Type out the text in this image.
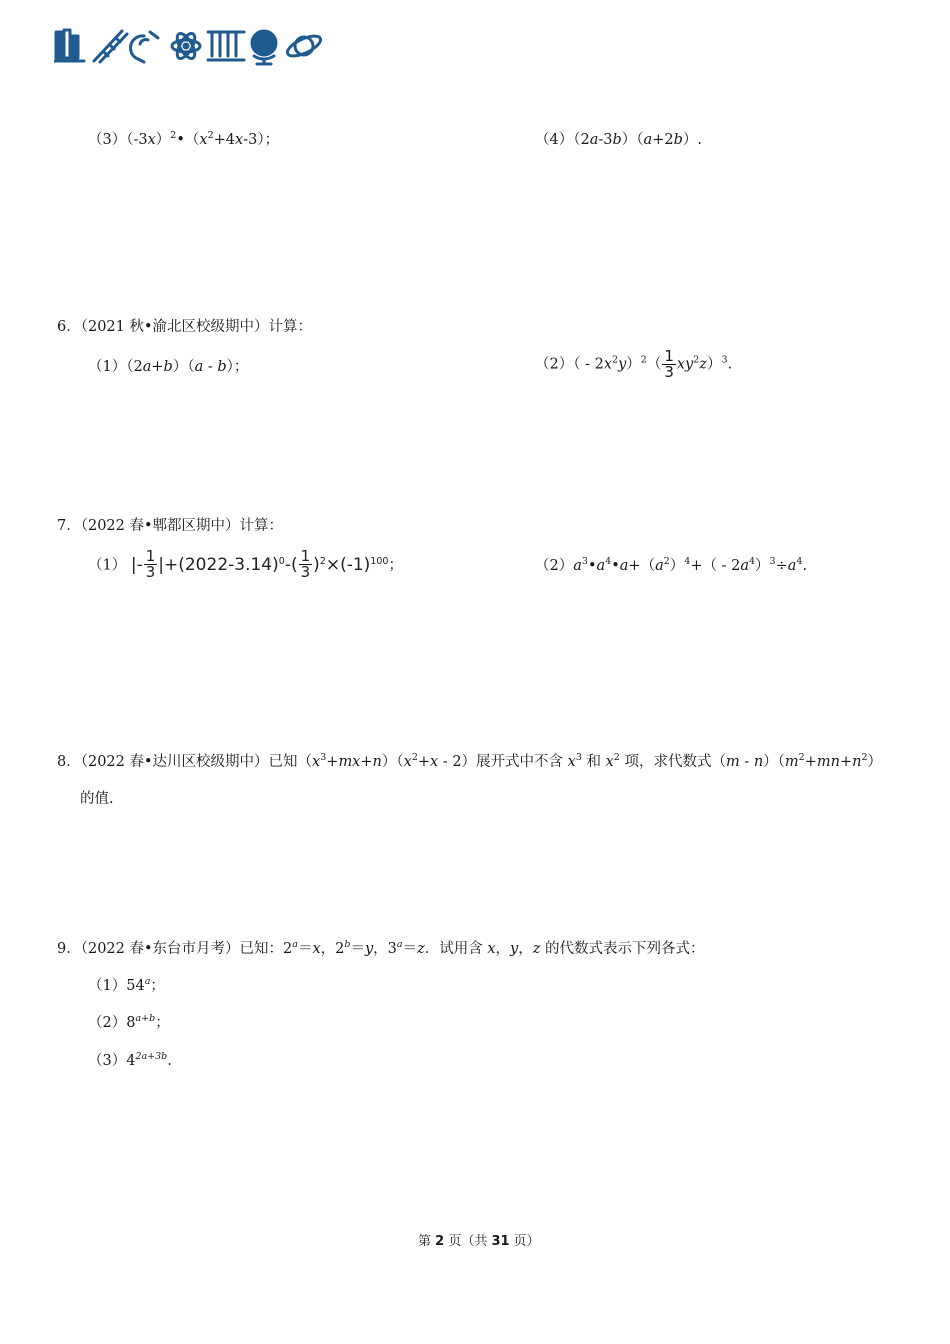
$(3)(-3x)^2•(x^2+4x-3)$；	（4）（2a-3b）（a+2b）.
6．（2021 秋•渝北区校级期中）计算：
（1）（2a+b）（a - b）；	$(2)( - 2x^2y)^2( \frac{1}{3} xy^2z)^3$.
7．（2022 春•郫都区期中）计算：
（1） |- $\frac{1}{3} |+(2022-3.14)^0-( \frac{1}{3} )^2\times(-1)^{100}$；	$(2)a^3•a^4•a+(a^2)^4+( - 2a^4)^3\div a^4$.
8．（2022 春•达川区校级期中）已知$(x^3+mx+n)(x^2+x - 2)$展开式中不含 $x^3$ 和 $x^2$ 项，求代数式$(m - n)(m^2+mn+n^2)$
的值.
9．（2022 春•东台市月考）已知：$2^a=x$，$2^b=y$，$3^a=z$．试用含 x，y，z 的代数式表示下列各式：
（1）54$^a$；
$(2)8^{a+b}$；
$(3)4^{2a+3b}$.
第 2 页（共 31 页）
